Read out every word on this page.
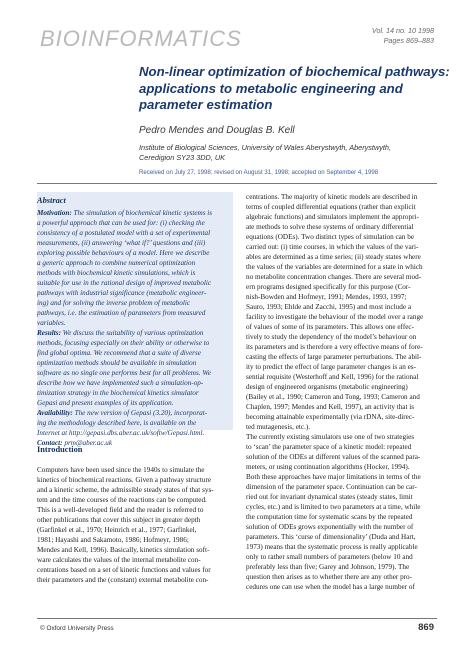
BIOINFORMATICS	Vol. 14 no. 10 1998
Pages 869–883
Non-linear optimization of biochemical pathways:
applications to metabolic engineering and
parameter estimation
Pedro Mendes and Douglas B. Kell
Institute of Biological Sciences, University of Wales Aberystwyth, Aberystwyth,
Ceredigion SY23 3DD, UK
Received on July 27, 1998; revised on August 31, 1998; accepted on September 4, 1998
Abstract
Motivation: The simulation of biochemical kinetic systems is
a powerful approach that can be used for: (i) checking the
consistency of a postulated model with a set of experimental
measurements, (ii) answering ‘what if?’ questions and (iii)
exploring possible behaviours of a model. Here we describe
a generic approach to combine numerical optimization
methods with biochemical kinetic simulations, which is
suitable for use in the rational design of improved metabolic
pathways with industrial significance (metabolic engineer-
ing) and for solving the inverse problem of metabolic
pathways, i.e. the estimation of parameters from measured
variables.
Results: We discuss the suitability of various optimization
methods, focusing especially on their ability or otherwise to
find global optima. We recommend that a suite of diverse
optimization methods should be available in simulation
software as no single one performs best for all problems. We
describe how we have implemented such a simulation-op-
timization strategy in the biochemical kinetics simulator
Gepasi and present examples of its application.
Availability: The new version of Gepasi (3.20), incorporat-
ing the methodology described here, is available on the
Internet at http://gepasi.dbs.aber.ac.uk/softw/Gepasi.html.
Contact: prm@aber.ac.uk
Introduction
Computers have been used since the 1940s to simulate the
kinetics of biochemical reactions. Given a pathway structure
and a kinetic scheme, the admissible steady states of that sys-
tem and the time courses of the reactions can be computed.
This is a well-developed field and the reader is referred to
other publications that cover this subject in greater depth
(Garfinkel et al., 1970; Heinrich et al., 1977; Garfinkel,
1981; Hayashi and Sakamoto, 1986; Hofmeyr, 1986;
Mendes and Kell, 1996). Basically, kinetics simulation soft-
ware calculates the values of the internal metabolite con-
centrations based on a set of kinetic functions and values for
their parameters and the (constant) external metabolite con-
centrations. The majority of kinetic models are described in
terms of coupled differential equations (rather than explicit
algebraic functions) and simulators implement the appropri-
ate methods to solve these systems of ordinary differential
equations (ODEs). Two distinct types of simulation can be
carried out: (i) time courses, in which the values of the vari-
ables are determined as a time series; (ii) steady states where
the values of the variables are determined for a state in which
no metabolite concentration changes. There are several mod-
ern programs designed specifically for this purpose (Cor-
nish-Bowden and Hofmeyr, 1991; Mendes, 1993, 1997;
Sauro, 1993; Ehlde and Zacchi, 1995) and most include a
facility to investigate the behaviour of the model over a range
of values of some of its parameters. This allows one effec-
tively to study the dependency of the model’s behaviour on
its parameters and is therefore a very effective means of fore-
casting the effects of large parameter perturbations. The abil-
ity to predict the effect of large parameter changes is an es-
sential requisite (Westerhoff and Kell, 1996) for the rational
design of engineered organisms (metabolic engineering)
(Bailey et al., 1990; Cameron and Tong, 1993; Cameron and
Chaplen, 1997; Mendes and Kell, 1997), an activity that is
becoming attainable experimentally (via rDNA, site-direc-
ted mutagenesis, etc.).
The currently existing simulators use one of two strategies
to ‘scan’ the parameter space of a kinetic model: repeated
solution of the ODEs at different values of the scanned para-
meters, or using continuation algorithms (Hocker, 1994).
Both these approaches have major limitations in terms of the
dimension of the parameter space. Continuation can be car-
ried out for invariant dynamical states (steady states, limit
cycles, etc.) and is limited to two parameters at a time, while
the computation time for systematic scans by the repeated
solution of ODEs grows exponentially with the number of
parameters. This ‘curse of dimensionality’ (Duda and Hart,
1973) means that the systematic process is really applicable
only to rather small numbers of parameters (below 10 and
preferably less than five; Garey and Johnson, 1979). The
question then arises as to whether there are any other pro-
cedures one can use when the model has a large number of
© Oxford University Press	869
